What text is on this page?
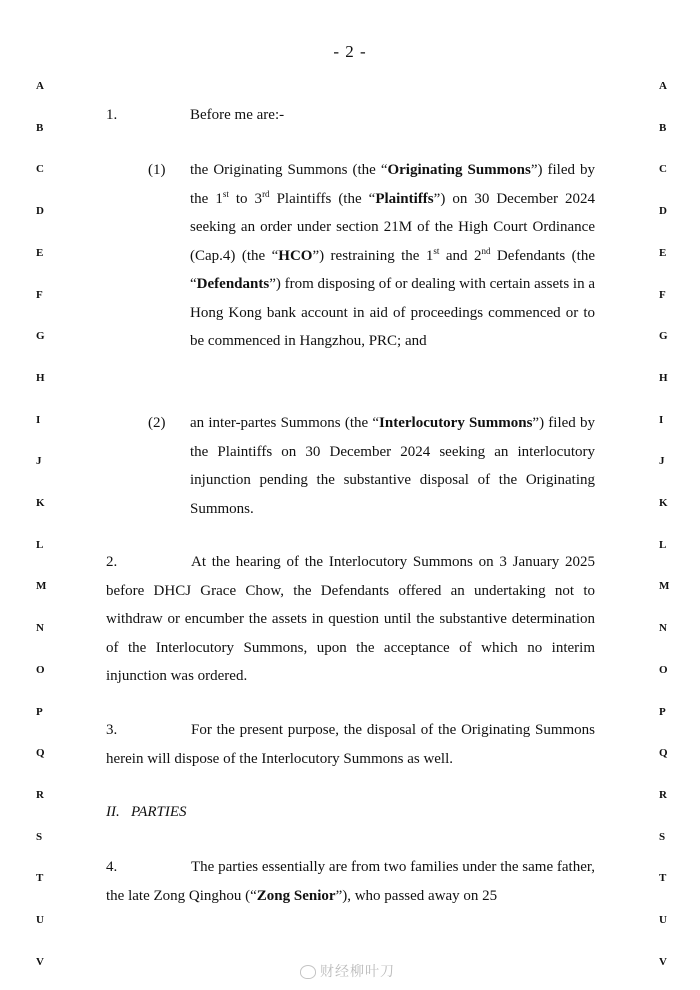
- 2 -
A
B
C
D
E
F
G
H
I
J
K
L
M
N
O
P
Q
R
S
T
U
V
A
B
C
D
E
F
G
H
I
J
K
L
M
N
O
P
Q
R
S
T
U
V
1.	Before me are:-
(1) the Originating Summons (the “Originating Summons”) filed by the 1st to 3rd Plaintiffs (the “Plaintiffs”) on 30 December 2024 seeking an order under section 21M of the High Court Ordinance (Cap.4) (the “HCO”) restraining the 1st and 2nd Defendants (the “Defendants”) from disposing of or dealing with certain assets in a Hong Kong bank account in aid of proceedings commenced or to be commenced in Hangzhou, PRC; and
(2) an inter-partes Summons (the “Interlocutory Summons”) filed by the Plaintiffs on 30 December 2024 seeking an interlocutory injunction pending the substantive disposal of the Originating Summons.
2.	At the hearing of the Interlocutory Summons on 3 January 2025 before DHCJ Grace Chow, the Defendants offered an undertaking not to withdraw or encumber the assets in question until the substantive determination of the Interlocutory Summons, upon the acceptance of which no interim injunction was ordered.
3.	For the present purpose, the disposal of the Originating Summons herein will dispose of the Interlocutory Summons as well.
II.   PARTIES
4.	The parties essentially are from two families under the same father, the late Zong Qinghou (“Zong Senior”), who passed away on 25
财经柳叶刀
